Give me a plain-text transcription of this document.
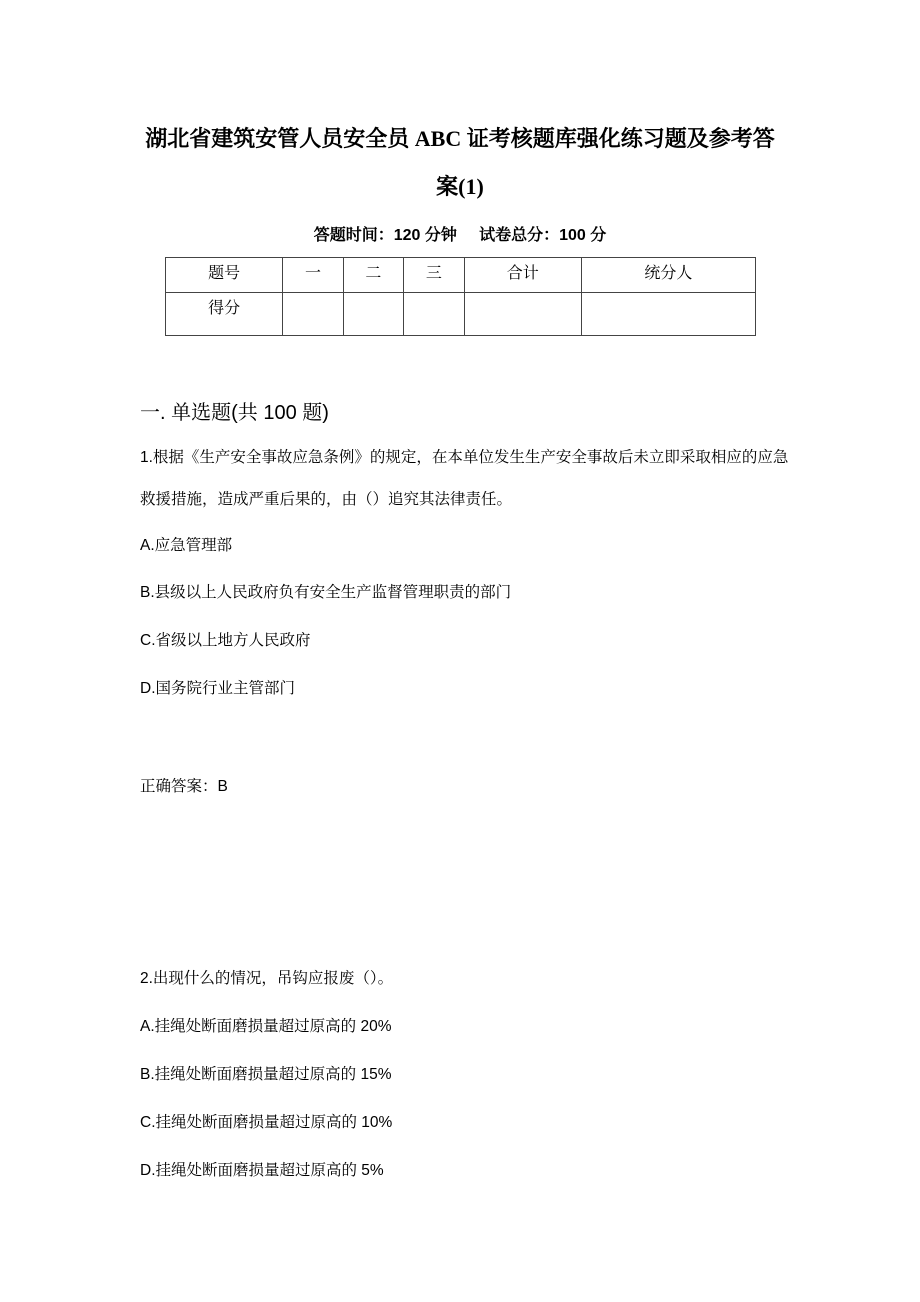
湖北省建筑安管人员安全员 ABC 证考核题库强化练习题及参考答
案(1)
答题时间：120 分钟     试卷总分：100 分
题号	一	二	三	合计	统分人
得分					
一. 单选题(共 100 题)
1.根据《生产安全事故应急条例》的规定，在本单位发生生产安全事故后未立即采取相应的应急救援措施，造成严重后果的，由（）追究其法律责任。
A.应急管理部
B.县级以上人民政府负有安全生产监督管理职责的部门
C.省级以上地方人民政府
D.国务院行业主管部门
正确答案：B
2.出现什么的情况，吊钩应报废（）。
A.挂绳处断面磨损量超过原高的 20%
B.挂绳处断面磨损量超过原高的 15%
C.挂绳处断面磨损量超过原高的 10%
D.挂绳处断面磨损量超过原高的 5%
